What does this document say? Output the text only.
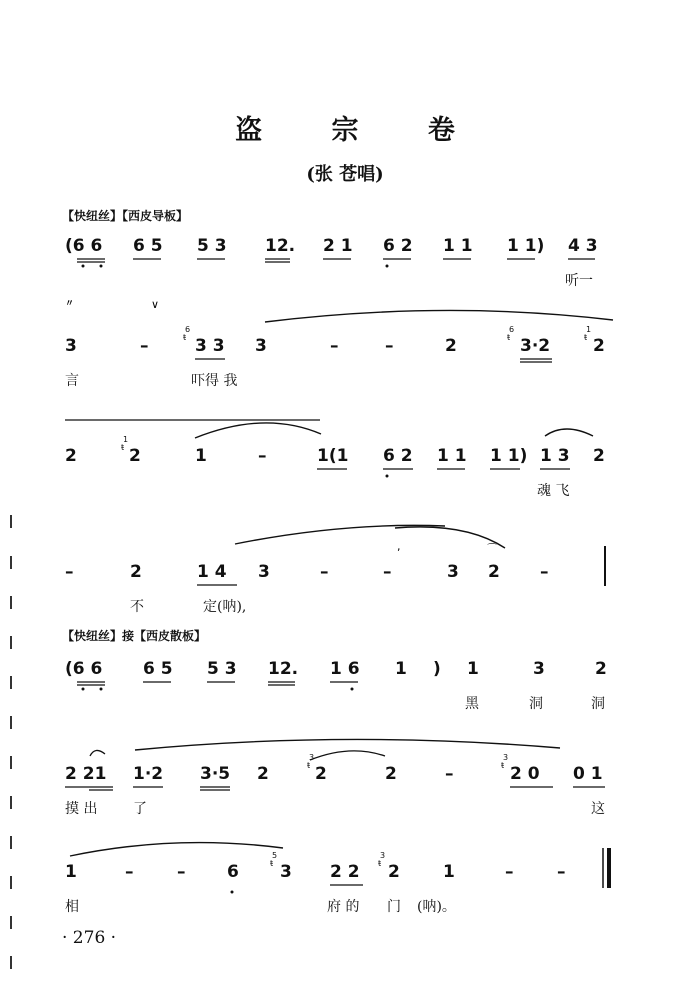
盗 宗 卷
(张 苍唱)
【快纽丝】【西皮导板】
(6 6 6 5 5 3 12. 2 1 6 2 1 1 1 1) 4 3
听一
〃	∨
3	–	3 3 3	–	–	2	3·2	2
言	吓得 我
6
ŧ
6
ŧ
1
ŧ
2	2	1	–	1(1 6 2 1 1 1 1) 1 3 2
魂 飞
1
ŧ
,
–	2	1 4 3	–	–	3 2 –
不	定(呐),
⌒
【快纽丝】接【西皮散板】
(6 6 6 5 5 3 12. 1 6 1 ) 1	3	2
黑	洞	洞
2 21 1·2 3·5 2	2	2	–	2 0 0 1
摸 出	了	这
3
ŧ
3
ŧ
1	–	– 6 3 2 2 2	1	–	–
相	府 的 门 (呐)。
5
ŧ
3
ŧ
· 276 ·
